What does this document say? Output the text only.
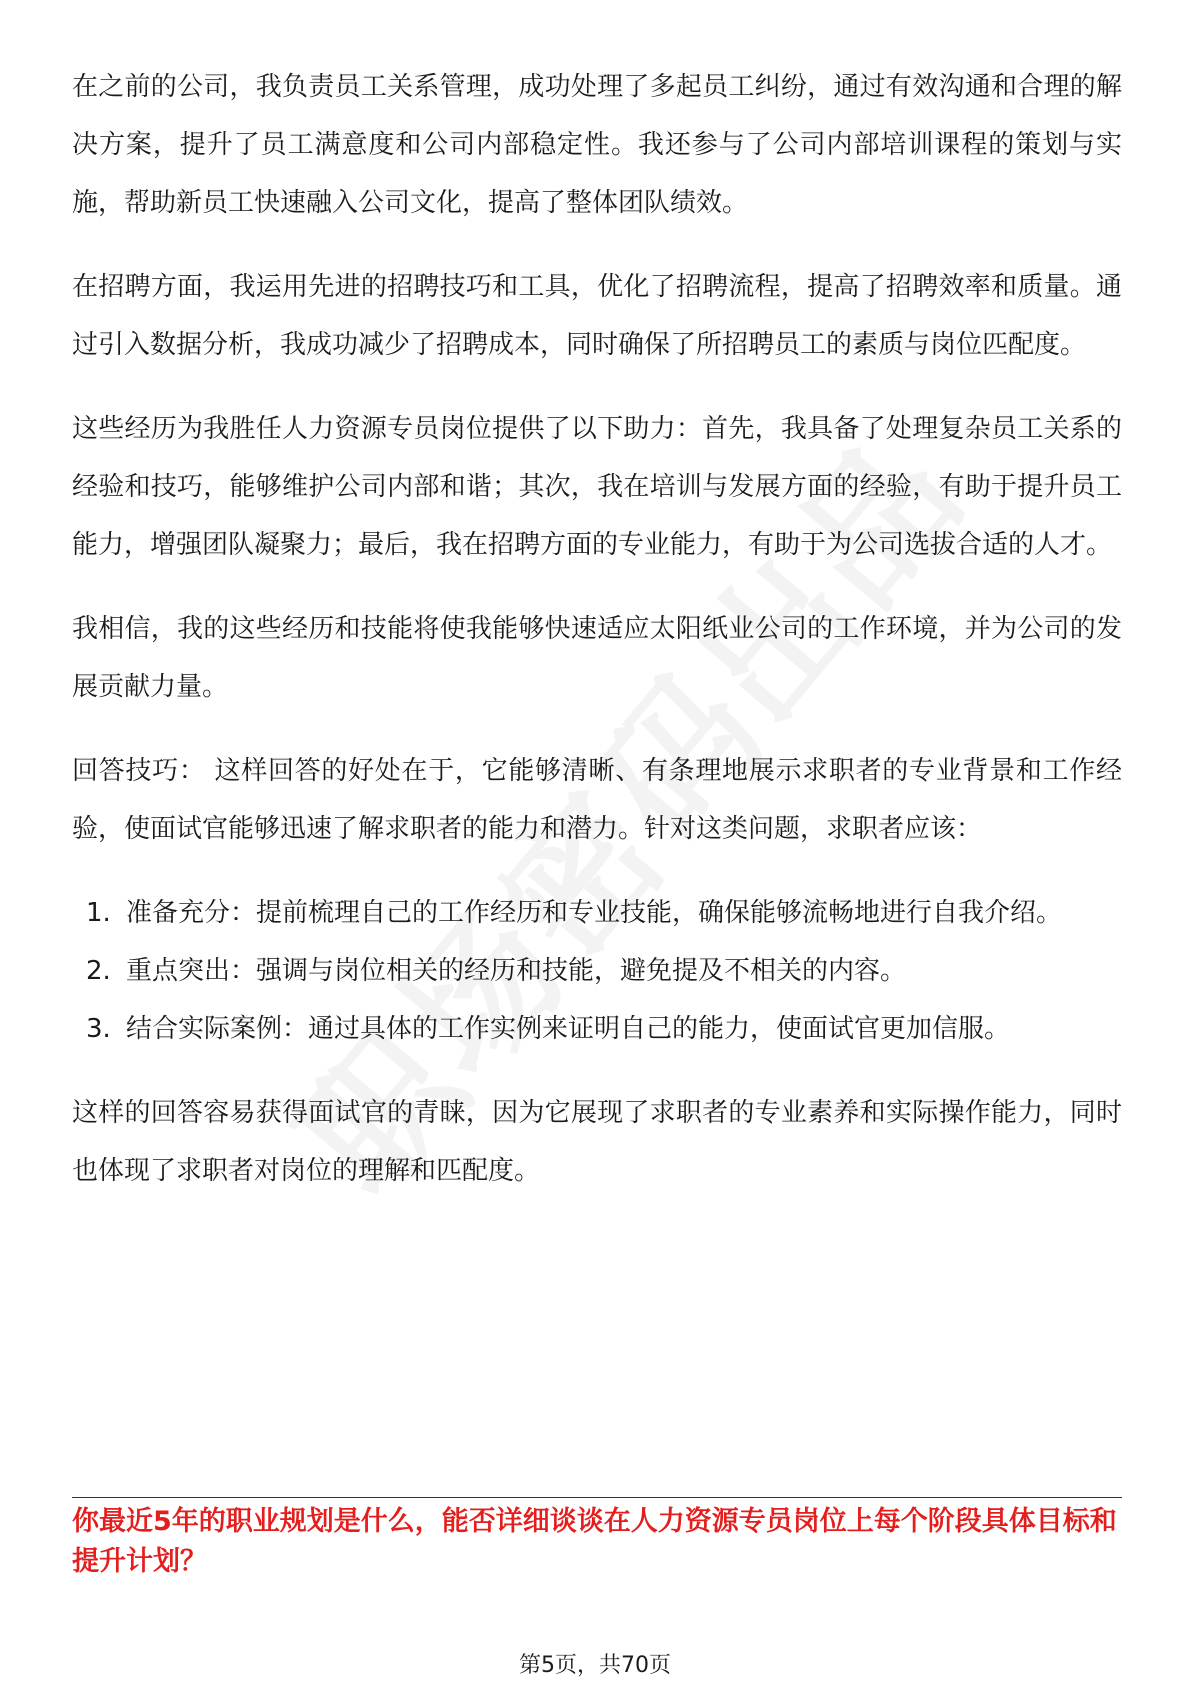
在之前的公司，我负责员工关系管理，成功处理了多起员工纠纷，通过有效沟通和合理的解决方案，提升了员工满意度和公司内部稳定性。我还参与了公司内部培训课程的策划与实施，帮助新员工快速融入公司文化，提高了整体团队绩效。

在招聘方面，我运用先进的招聘技巧和工具，优化了招聘流程，提高了招聘效率和质量。通过引入数据分析，我成功减少了招聘成本，同时确保了所招聘员工的素质与岗位匹配度。

这些经历为我胜任人力资源专员岗位提供了以下助力：首先，我具备了处理复杂员工关系的经验和技巧，能够维护公司内部和谐；其次，我在培训与发展方面的经验，有助于提升员工能力，增强团队凝聚力；最后，我在招聘方面的专业能力，有助于为公司选拔合适的人才。

我相信，我的这些经历和技能将使我能够快速适应太阳纸业公司的工作环境，并为公司的发展贡献力量。

回答技巧： 这样回答的好处在于，它能够清晰、有条理地展示求职者的专业背景和工作经验，使面试官能够迅速了解求职者的能力和潜力。针对这类问题，求职者应该：

1. 准备充分：提前梳理自己的工作经历和专业技能，确保能够流畅地进行自我介绍。
2. 重点突出：强调与岗位相关的经历和技能，避免提及不相关的内容。
3. 结合实际案例：通过具体的工作实例来证明自己的能力，使面试官更加信服。

这样的回答容易获得面试官的青睐，因为它展现了求职者的专业素养和实际操作能力，同时也体现了求职者对岗位的理解和匹配度。

你最近5年的职业规划是什么，能否详细谈谈在人力资源专员岗位上每个阶段具体目标和提升计划？

第5页，共70页
